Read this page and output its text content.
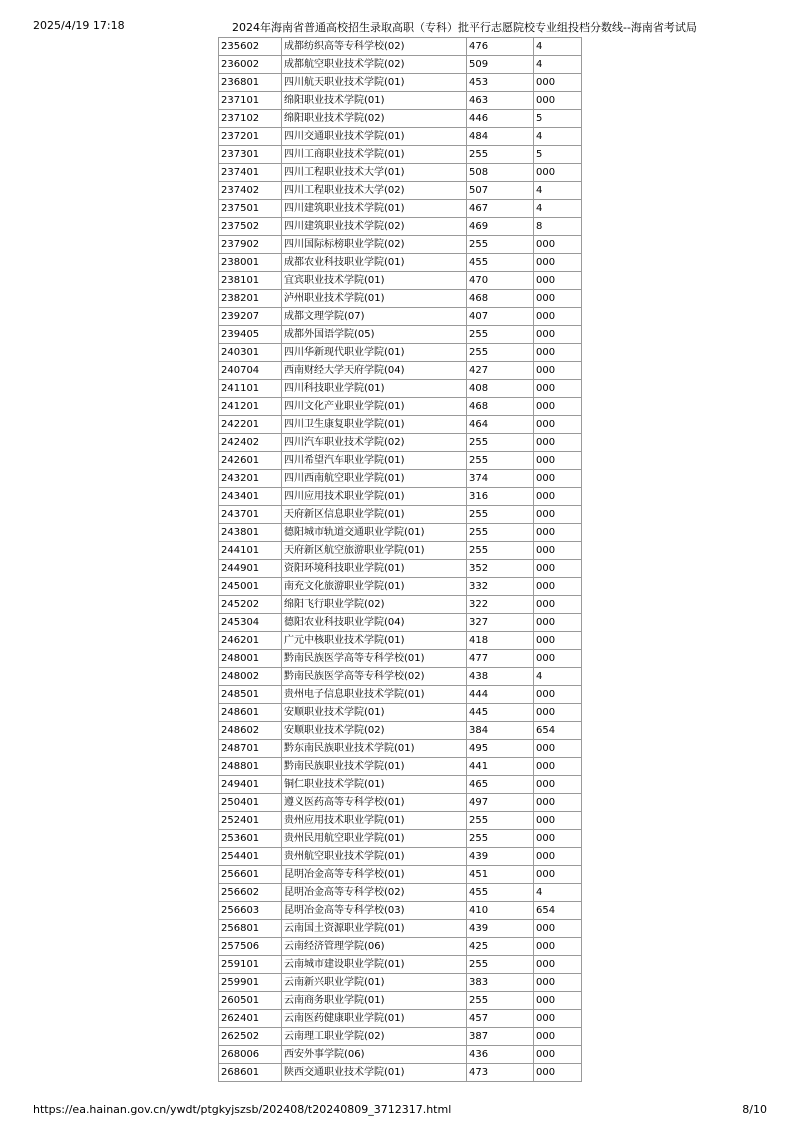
2025/4/19 17:18	2024年海南省普通高校招生录取高职（专科）批平行志愿院校专业组投档分数线--海南省考试局
235602	成都纺织高等专科学校(02)	476	4
236002	成都航空职业技术学院(02)	509	4
236801	四川航天职业技术学院(01)	453	000
237101	绵阳职业技术学院(01)	463	000
237102	绵阳职业技术学院(02)	446	5
237201	四川交通职业技术学院(01)	484	4
237301	四川工商职业技术学院(01)	255	5
237401	四川工程职业技术大学(01)	508	000
237402	四川工程职业技术大学(02)	507	4
237501	四川建筑职业技术学院(01)	467	4
237502	四川建筑职业技术学院(02)	469	8
237902	四川国际标榜职业学院(02)	255	000
238001	成都农业科技职业学院(01)	455	000
238101	宜宾职业技术学院(01)	470	000
238201	泸州职业技术学院(01)	468	000
239207	成都文理学院(07)	407	000
239405	成都外国语学院(05)	255	000
240301	四川华新现代职业学院(01)	255	000
240704	西南财经大学天府学院(04)	427	000
241101	四川科技职业学院(01)	408	000
241201	四川文化产业职业学院(01)	468	000
242201	四川卫生康复职业学院(01)	464	000
242402	四川汽车职业技术学院(02)	255	000
242601	四川希望汽车职业学院(01)	255	000
243201	四川西南航空职业学院(01)	374	000
243401	四川应用技术职业学院(01)	316	000
243701	天府新区信息职业学院(01)	255	000
243801	德阳城市轨道交通职业学院(01)	255	000
244101	天府新区航空旅游职业学院(01)	255	000
244901	资阳环境科技职业学院(01)	352	000
245001	南充文化旅游职业学院(01)	332	000
245202	绵阳飞行职业学院(02)	322	000
245304	德阳农业科技职业学院(04)	327	000
246201	广元中核职业技术学院(01)	418	000
248001	黔南民族医学高等专科学校(01)	477	000
248002	黔南民族医学高等专科学校(02)	438	4
248501	贵州电子信息职业技术学院(01)	444	000
248601	安顺职业技术学院(01)	445	000
248602	安顺职业技术学院(02)	384	654
248701	黔东南民族职业技术学院(01)	495	000
248801	黔南民族职业技术学院(01)	441	000
249401	铜仁职业技术学院(01)	465	000
250401	遵义医药高等专科学校(01)	497	000
252401	贵州应用技术职业学院(01)	255	000
253601	贵州民用航空职业学院(01)	255	000
254401	贵州航空职业技术学院(01)	439	000
256601	昆明冶金高等专科学校(01)	451	000
256602	昆明冶金高等专科学校(02)	455	4
256603	昆明冶金高等专科学校(03)	410	654
256801	云南国土资源职业学院(01)	439	000
257506	云南经济管理学院(06)	425	000
259101	云南城市建设职业学院(01)	255	000
259901	云南新兴职业学院(01)	383	000
260501	云南商务职业学院(01)	255	000
262401	云南医药健康职业学院(01)	457	000
262502	云南理工职业学院(02)	387	000
268006	西安外事学院(06)	436	000
268601	陕西交通职业技术学院(01)	473	000
https://ea.hainan.gov.cn/ywdt/ptgkyjszsb/202408/t20240809_3712317.html	8/10
